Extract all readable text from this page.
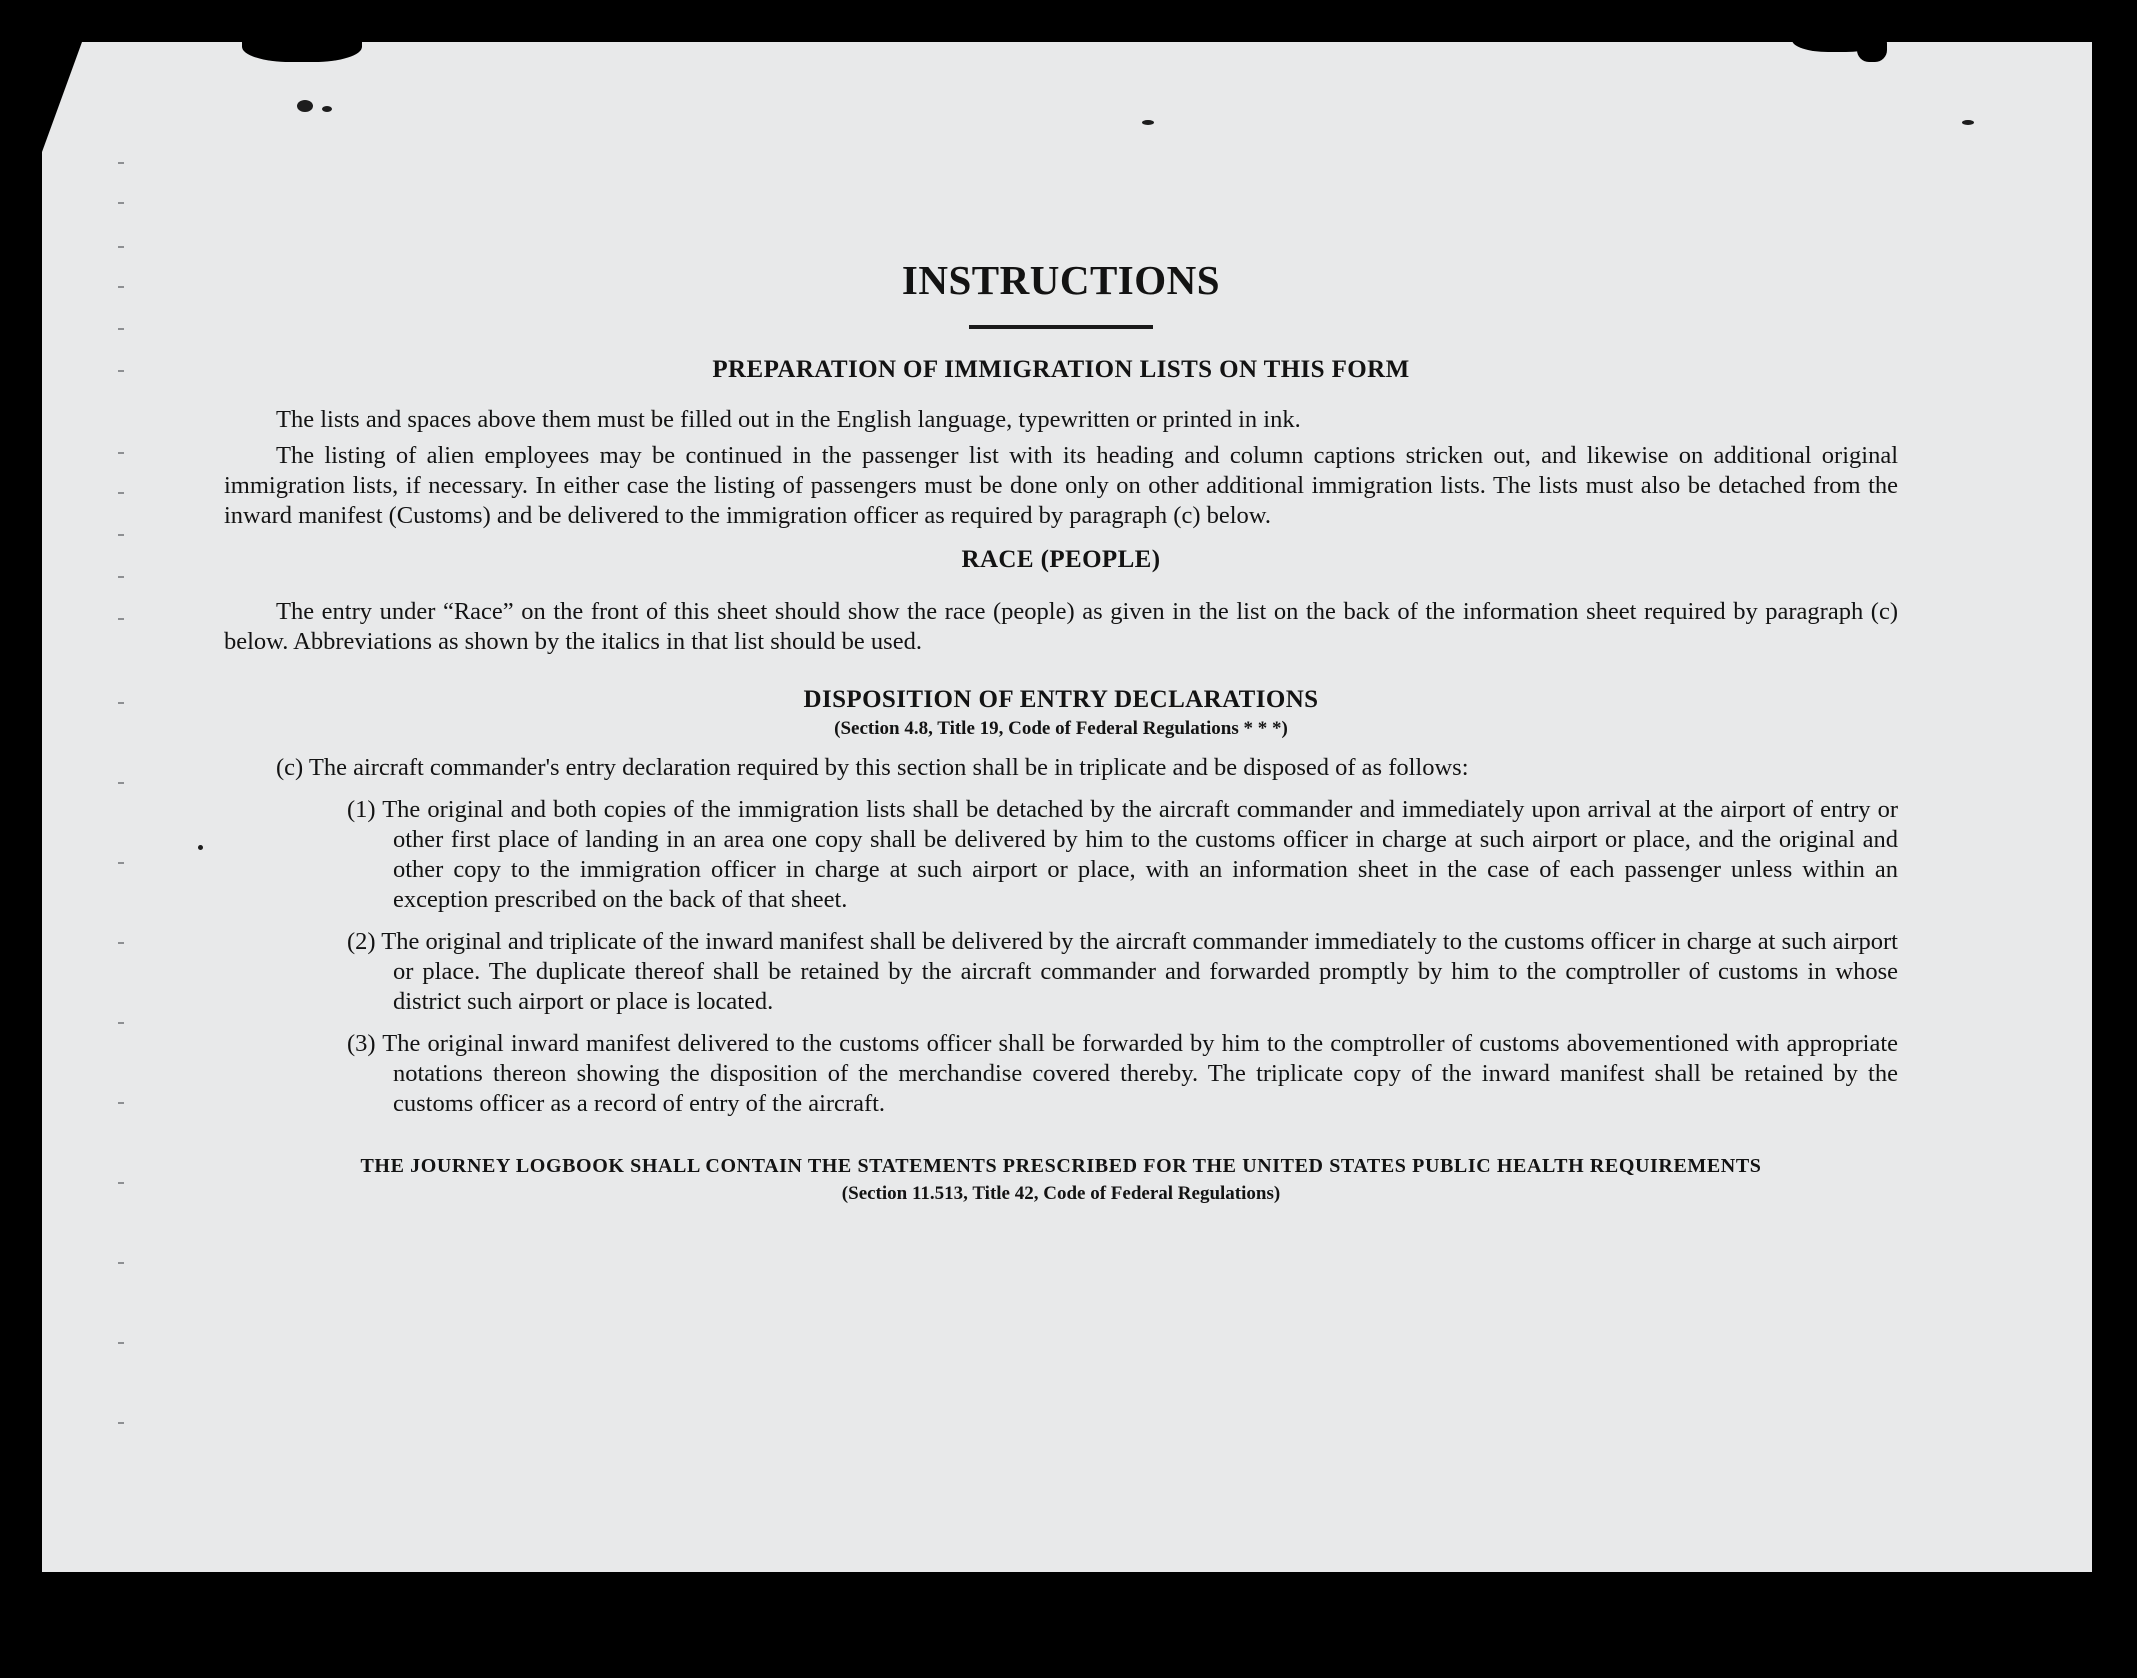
INSTRUCTIONS
PREPARATION OF IMMIGRATION LISTS ON THIS FORM

The lists and spaces above them must be filled out in the English language, typewritten or printed in ink.

The listing of alien employees may be continued in the passenger list with its heading and column captions stricken out, and likewise on additional original immigration lists, if necessary. In either case the listing of passengers must be done only on other additional immigration lists. The lists must also be detached from the inward manifest (Customs) and be delivered to the immigration officer as required by paragraph (c) below.

RACE (PEOPLE)

The entry under “Race” on the front of this sheet should show the race (people) as given in the list on the back of the information sheet required by paragraph (c) below. Abbreviations as shown by the italics in that list should be used.

DISPOSITION OF ENTRY DECLARATIONS
(Section 4.8, Title 19, Code of Federal Regulations * * *)

(c) The aircraft commander's entry declaration required by this section shall be in triplicate and be disposed of as follows:

(1) The original and both copies of the immigration lists shall be detached by the aircraft commander and immediately upon arrival at the airport of entry or other first place of landing in an area one copy shall be delivered by him to the customs officer in charge at such airport or place, and the original and other copy to the immigration officer in charge at such airport or place, with an information sheet in the case of each passenger unless within an exception prescribed on the back of that sheet.

(2) The original and triplicate of the inward manifest shall be delivered by the aircraft commander immediately to the customs officer in charge at such airport or place. The duplicate thereof shall be retained by the aircraft commander and forwarded promptly by him to the comptroller of customs in whose district such airport or place is located.

(3) The original inward manifest delivered to the customs officer shall be forwarded by him to the comptroller of customs abovementioned with appropriate notations thereon showing the disposition of the merchandise covered thereby. The triplicate copy of the inward manifest shall be retained by the customs officer as a record of entry of the aircraft.

THE JOURNEY LOGBOOK SHALL CONTAIN THE STATEMENTS PRESCRIBED FOR THE UNITED STATES PUBLIC HEALTH REQUIREMENTS
(Section 11.513, Title 42, Code of Federal Regulations)
